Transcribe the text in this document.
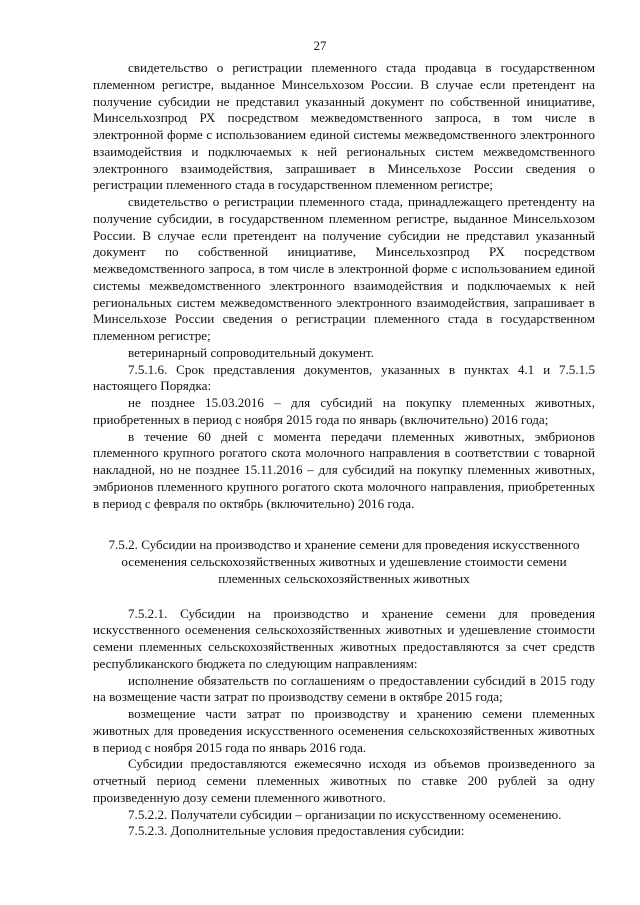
27

свидетельство о регистрации племенного стада продавца в государственном племенном регистре, выданное Минсельхозом России. В случае если претендент на получение субсидии не представил указанный документ по собственной инициативе, Минсельхозпрод РХ посредством межведомственного запроса, в том числе в электронной форме с использованием единой системы межведомственного электронного взаимодействия и подключаемых к ней региональных систем межведомственного электронного взаимодействия, запрашивает в Минсельхозе России сведения о регистрации племенного стада в государственном племенном регистре;

свидетельство о регистрации племенного стада, принадлежащего претенденту на получение субсидии, в государственном племенном регистре, выданное Минсельхозом России. В случае если претендент на получение субсидии не представил указанный документ по собственной инициативе, Минсельхозпрод РХ посредством межведомственного запроса, в том числе в электронной форме с использованием единой системы межведомственного электронного взаимодействия и подключаемых к ней региональных систем межведомственного электронного взаимодействия, запрашивает в Минсельхозе России сведения о регистрации племенного стада в государственном племенном регистре;

ветеринарный сопроводительный документ.

7.5.1.6. Срок представления документов, указанных в пунктах 4.1 и 7.5.1.5 настоящего Порядка:

не позднее 15.03.2016 – для субсидий на покупку племенных животных, приобретенных в период с ноября 2015 года по январь (включительно) 2016 года;

в течение 60 дней с момента передачи племенных животных, эмбрионов племенного крупного рогатого скота молочного направления в соответствии с товарной накладной, но не позднее 15.11.2016 – для субсидий на покупку племенных животных, эмбрионов племенного крупного рогатого скота молочного направления, приобретенных в период с февраля по октябрь (включительно) 2016 года.

7.5.2. Субсидии на производство и хранение семени для проведения искусственного осеменения сельскохозяйственных животных и удешевление стоимости семени племенных сельскохозяйственных животных

7.5.2.1. Субсидии на производство и хранение семени для проведения искусственного осеменения сельскохозяйственных животных и удешевление стоимости семени племенных сельскохозяйственных животных предоставляются за счет средств республиканского бюджета по следующим направлениям:

исполнение обязательств по соглашениям о предоставлении субсидий в 2015 году на возмещение части затрат по производству семени в октябре 2015 года;

возмещение части затрат по производству и хранению семени племенных животных для проведения искусственного осеменения сельскохозяйственных животных в период с ноября 2015 года по январь 2016 года.

Субсидии предоставляются ежемесячно исходя из объемов произведенного за отчетный период семени племенных животных по ставке 200 рублей за одну произведенную дозу семени племенного животного.

7.5.2.2. Получатели субсидии – организации по искусственному осеменению.

7.5.2.3. Дополнительные условия предоставления субсидии:
